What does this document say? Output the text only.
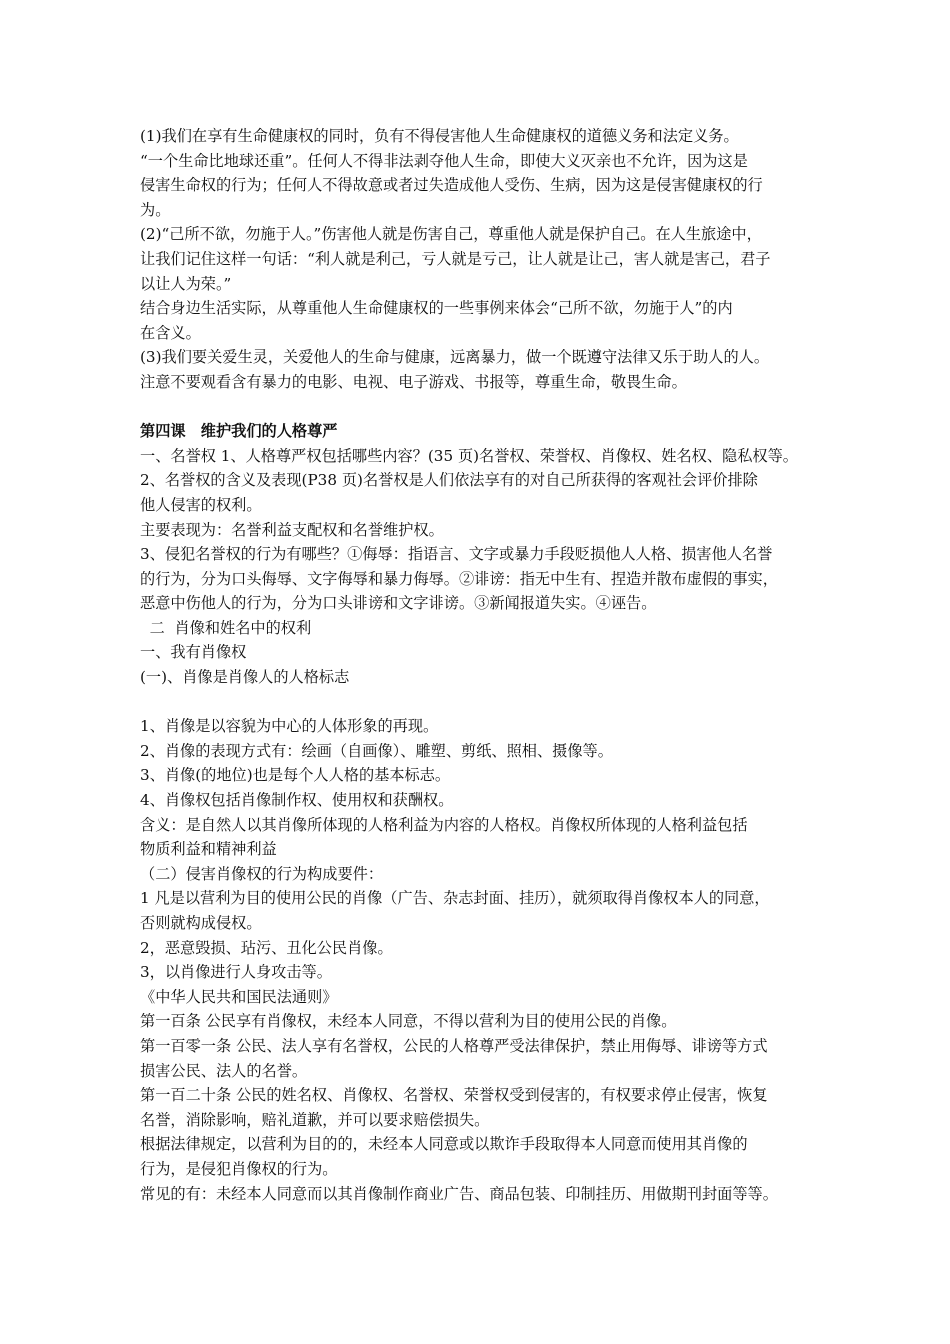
(1)我们在享有生命健康权的同时，负有不得侵害他人生命健康权的道德义务和法定义务。
“一个生命比地球还重”。任何人不得非法剥夺他人生命，即使大义灭亲也不允许，因为这是
侵害生命权的行为；任何人不得故意或者过失造成他人受伤、生病，因为这是侵害健康权的行
为。
(2)“己所不欲，勿施于人。”伤害他人就是伤害自己，尊重他人就是保护自己。在人生旅途中，
让我们记住这样一句话：“利人就是利己，亏人就是亏己，让人就是让己，害人就是害己，君子
以让人为荣。”
结合身边生活实际，从尊重他人生命健康权的一些事例来体会“己所不欲，勿施于人”的内
在含义。
(3)我们要关爱生灵，关爱他人的生命与健康，远离暴力，做一个既遵守法律又乐于助人的人。
注意不要观看含有暴力的电影、电视、电子游戏、书报等，尊重生命，敬畏生命。
第四课　维护我们的人格尊严
一、名誉权 1、人格尊严权包括哪些内容？(35 页)名誉权、荣誉权、肖像权、姓名权、隐私权等。
2、名誉权的含义及表现(P38 页)名誉权是人们依法享有的对自己所获得的客观社会评价排除
他人侵害的权利。
主要表现为：名誉利益支配权和名誉维护权。
3、侵犯名誉权的行为有哪些？①侮辱：指语言、文字或暴力手段贬损他人人格、损害他人名誉
的行为，分为口头侮辱、文字侮辱和暴力侮辱。②诽谤：指无中生有、捏造并散布虚假的事实，
恶意中伤他人的行为，分为口头诽谤和文字诽谤。③新闻报道失实。④诬告。
二  肖像和姓名中的权利
一、我有肖像权
(一)、肖像是肖像人的人格标志
1、肖像是以容貌为中心的人体形象的再现。
2、肖像的表现方式有：绘画（自画像）、雕塑、剪纸、照相、摄像等。
3、肖像(的地位)也是每个人人格的基本标志。
4、肖像权包括肖像制作权、使用权和获酬权。
含义：是自然人以其肖像所体现的人格利益为内容的人格权。肖像权所体现的人格利益包括
物质利益和精神利益
（二）侵害肖像权的行为构成要件：
1 凡是以营利为目的使用公民的肖像（广告、杂志封面、挂历），就须取得肖像权本人的同意，
否则就构成侵权。
2，恶意毁损、玷污、丑化公民肖像。
3，以肖像进行人身攻击等。
《中华人民共和国民法通则》
第一百条 公民享有肖像权，未经本人同意，不得以营利为目的使用公民的肖像。
第一百零一条 公民、法人享有名誉权，公民的人格尊严受法律保护，禁止用侮辱、诽谤等方式
损害公民、法人的名誉。
第一百二十条 公民的姓名权、肖像权、名誉权、荣誉权受到侵害的，有权要求停止侵害，恢复
名誉，消除影响，赔礼道歉，并可以要求赔偿损失。
根据法律规定，以营利为目的的，未经本人同意或以欺诈手段取得本人同意而使用其肖像的
行为，是侵犯肖像权的行为。
常见的有：未经本人同意而以其肖像制作商业广告、商品包装、印制挂历、用做期刊封面等等。
